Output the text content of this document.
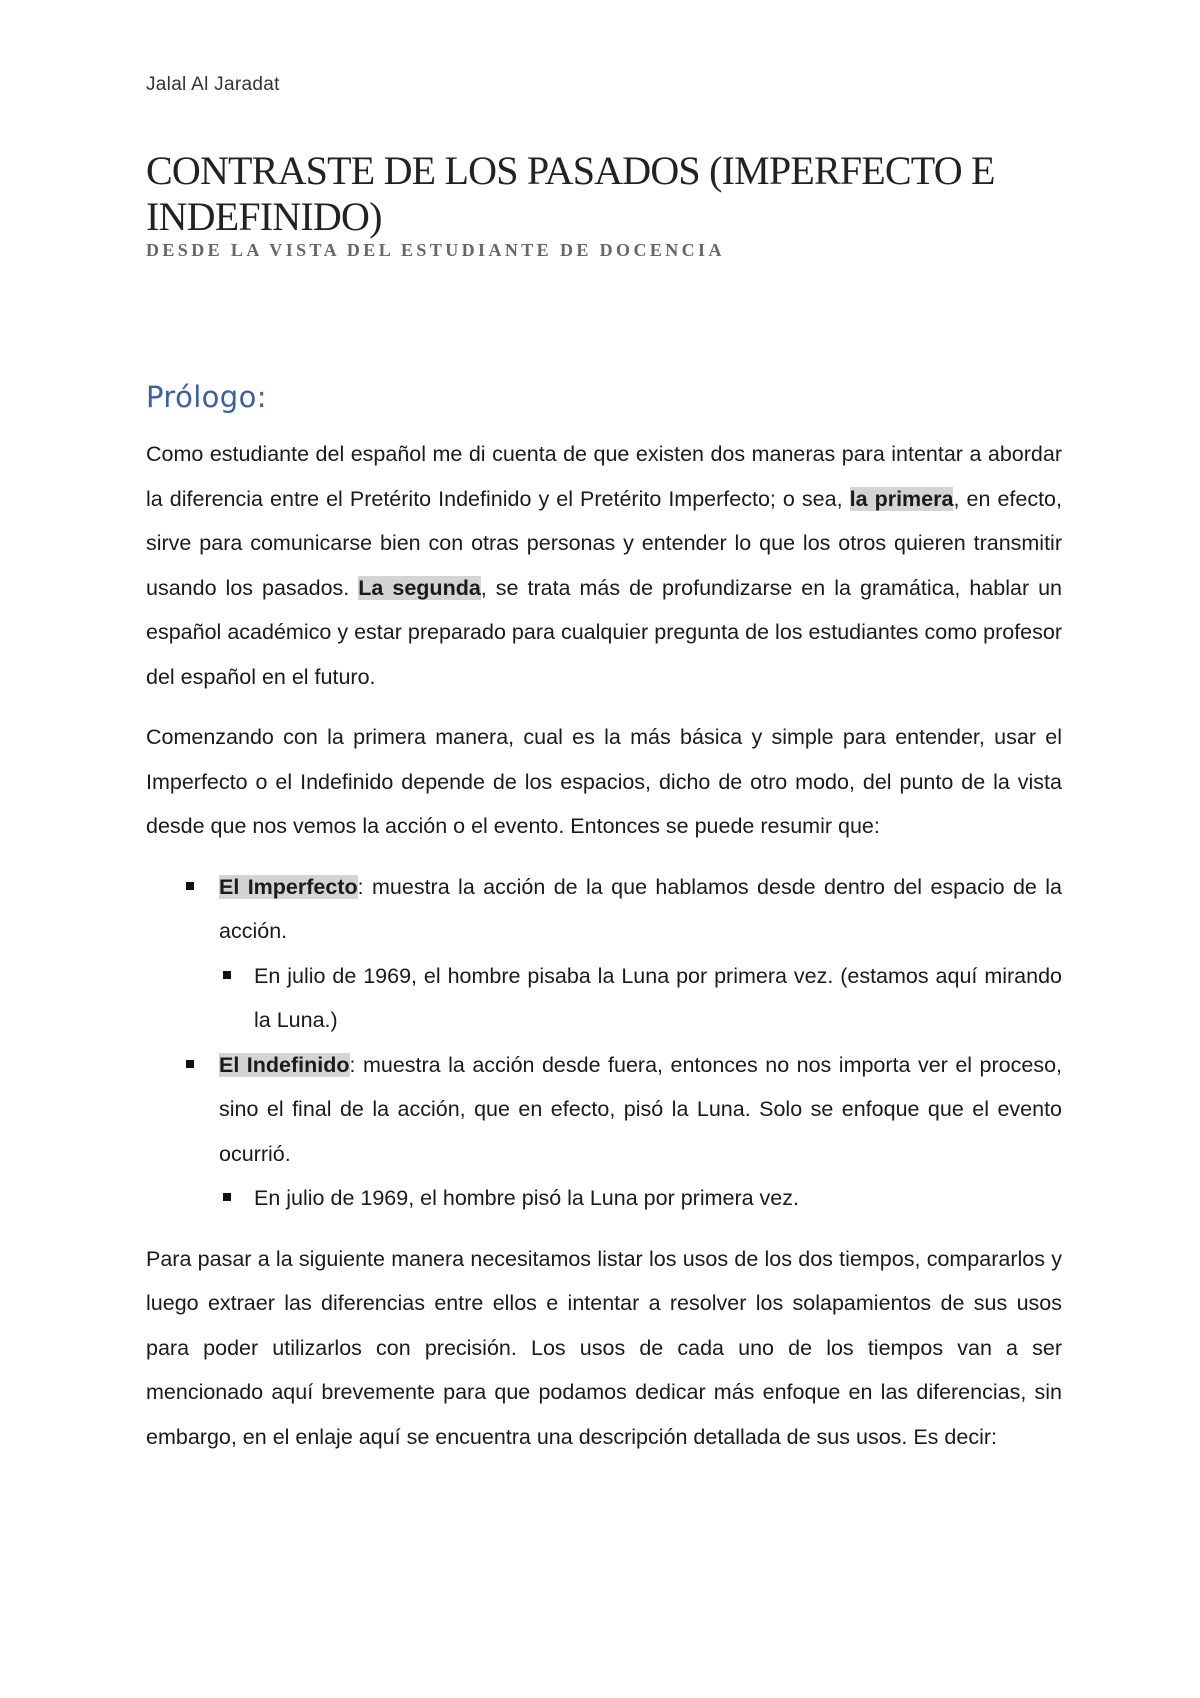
Jalal Al Jaradat
CONTRASTE DE LOS PASADOS (IMPERFECTO E INDEFINIDO)
DESDE LA VISTA DEL ESTUDIANTE DE DOCENCIA
Prólogo:

Como estudiante del español me di cuenta de que existen dos maneras para intentar a abordar la diferencia entre el Pretérito Indefinido y el Pretérito Imperfecto; o sea, la primera, en efecto, sirve para comunicarse bien con otras personas y entender lo que los otros quieren transmitir usando los pasados. La segunda, se trata más de profundizarse en la gramática, hablar un español académico y estar preparado para cualquier pregunta de los estudiantes como profesor del español en el futuro.

Comenzando con la primera manera, cual es la más básica y simple para entender, usar el Imperfecto o el Indefinido depende de los espacios, dicho de otro modo, del punto de la vista desde que nos vemos la acción o el evento. Entonces se puede resumir que:

El Imperfecto: muestra la acción de la que hablamos desde dentro del espacio de la acción.
En julio de 1969, el hombre pisaba la Luna por primera vez. (estamos aquí mirando la Luna.)
El Indefinido: muestra la acción desde fuera, entonces no nos importa ver el proceso, sino el final de la acción, que en efecto, pisó la Luna. Solo se enfoque que el evento ocurrió.
En julio de 1969, el hombre pisó la Luna por primera vez.

Para pasar a la siguiente manera necesitamos listar los usos de los dos tiempos, compararlos y luego extraer las diferencias entre ellos e intentar a resolver los solapamientos de sus usos para poder utilizarlos con precisión. Los usos de cada uno de los tiempos van a ser mencionado aquí brevemente para que podamos dedicar más enfoque en las diferencias, sin embargo, en el enlaje aquí se encuentra una descripción detallada de sus usos. Es decir:
